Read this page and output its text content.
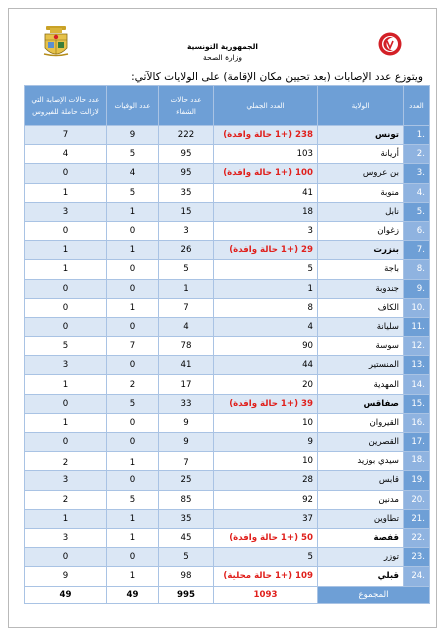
الجمهورية التونسية
وزارة الصحة
ويتوزع عدد الإصابات (بعد تحيين مكان الإقامة) على الولايات كالآتي:
العدد	الولاية	العدد الجملي	عدد حالات الشفاء	عدد الوفيات	عدد حالات الإصابة التي لازالت حاملة للفيروس
.1	تونس	238 (+1 حالة وافدة)	222	9	7
.2	أريانة	103	95	5	4
.3	بن عروس	100 (+1 حالة وافدة)	95	4	0
.4	منوبة	41	35	5	1
.5	نابل	18	15	1	3
.6	زغوان	3	3	0	0
.7	بنزرت	29 (+1 حالة وافدة)	26	1	1
.8	باجة	5	5	0	1
.9	جندوبة	1	1	0	0
.10	الكاف	8	7	1	0
.11	سليانة	4	4	0	0
.12	سوسة	90	78	7	5
.13	المنستير	44	41	0	3
.14	المهدية	20	17	2	1
.15	صفاقس	39 (+1 حالة وافدة)	33	5	0
.16	القيروان	10	9	0	1
.17	القصرين	9	9	0	0
.18	سيدي بوزيد	10	7	1	2
.19	قابس	28	25	0	3
.20	مدنين	92	85	5	2
.21	تطاوين	37	35	1	1
.22	قفصة	50 (+1 حالة وافدة)	45	1	3
.23	توزر	5	5	0	0
.24	قبلي	109 (+1 حالة محلية)	98	1	9
المجموع		1093	995	49	49
